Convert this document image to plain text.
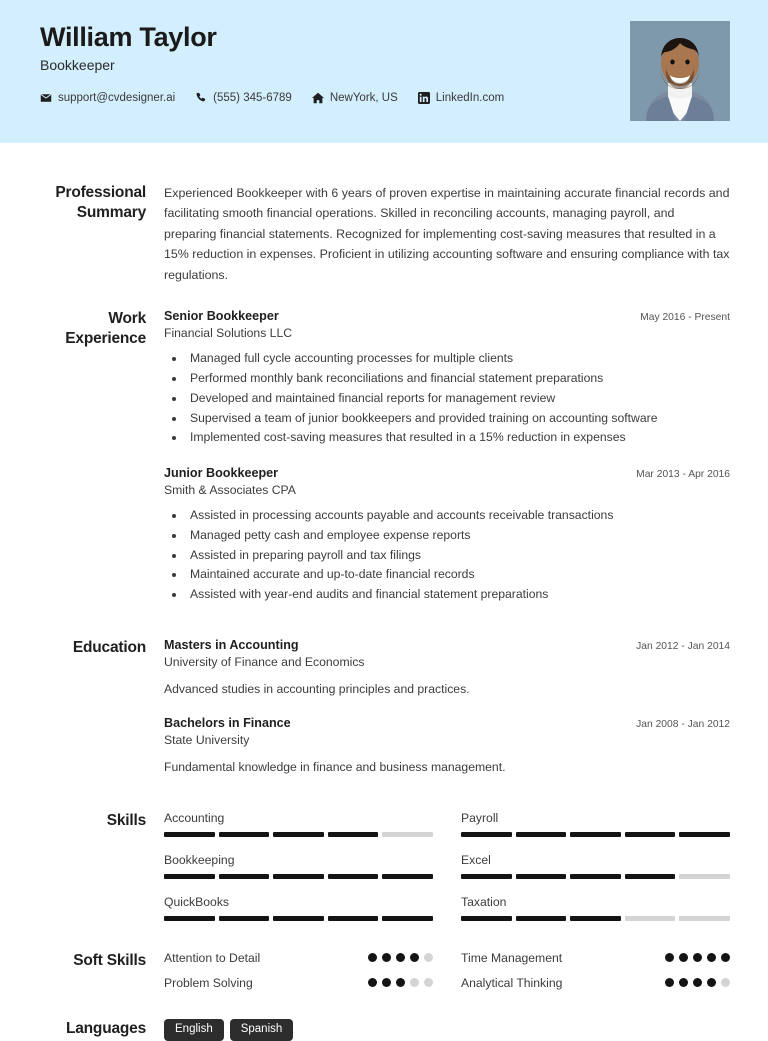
William Taylor
Bookkeeper
support@cvdesigner.ai	(555) 345-6789	NewYork, US	LinkedIn.com
Professional Summary
Experienced Bookkeeper with 6 years of proven expertise in maintaining accurate financial records and facilitating smooth financial operations. Skilled in reconciling accounts, managing payroll, and preparing financial statements. Recognized for implementing cost-saving measures that resulted in a 15% reduction in expenses. Proficient in utilizing accounting software and ensuring compliance with tax regulations.
Work Experience
Senior Bookkeeper	May 2016 - Present
Financial Solutions LLC
• Managed full cycle accounting processes for multiple clients
• Performed monthly bank reconciliations and financial statement preparations
• Developed and maintained financial reports for management review
• Supervised a team of junior bookkeepers and provided training on accounting software
• Implemented cost-saving measures that resulted in a 15% reduction in expenses
Junior Bookkeeper	Mar 2013 - Apr 2016
Smith & Associates CPA
• Assisted in processing accounts payable and accounts receivable transactions
• Managed petty cash and employee expense reports
• Assisted in preparing payroll and tax filings
• Maintained accurate and up-to-date financial records
• Assisted with year-end audits and financial statement preparations
Education	Masters in Accounting	Jan 2012 - Jan 2014
University of Finance and Economics
Advanced studies in accounting principles and practices.
Bachelors in Finance	Jan 2008 - Jan 2012
State University
Fundamental knowledge in finance and business management.
Skills	Accounting	Payroll
Bookkeeping	Excel
QuickBooks	Taxation
Soft Skills	Attention to Detail	Time Management
Problem Solving	Analytical Thinking
Languages	English	Spanish
